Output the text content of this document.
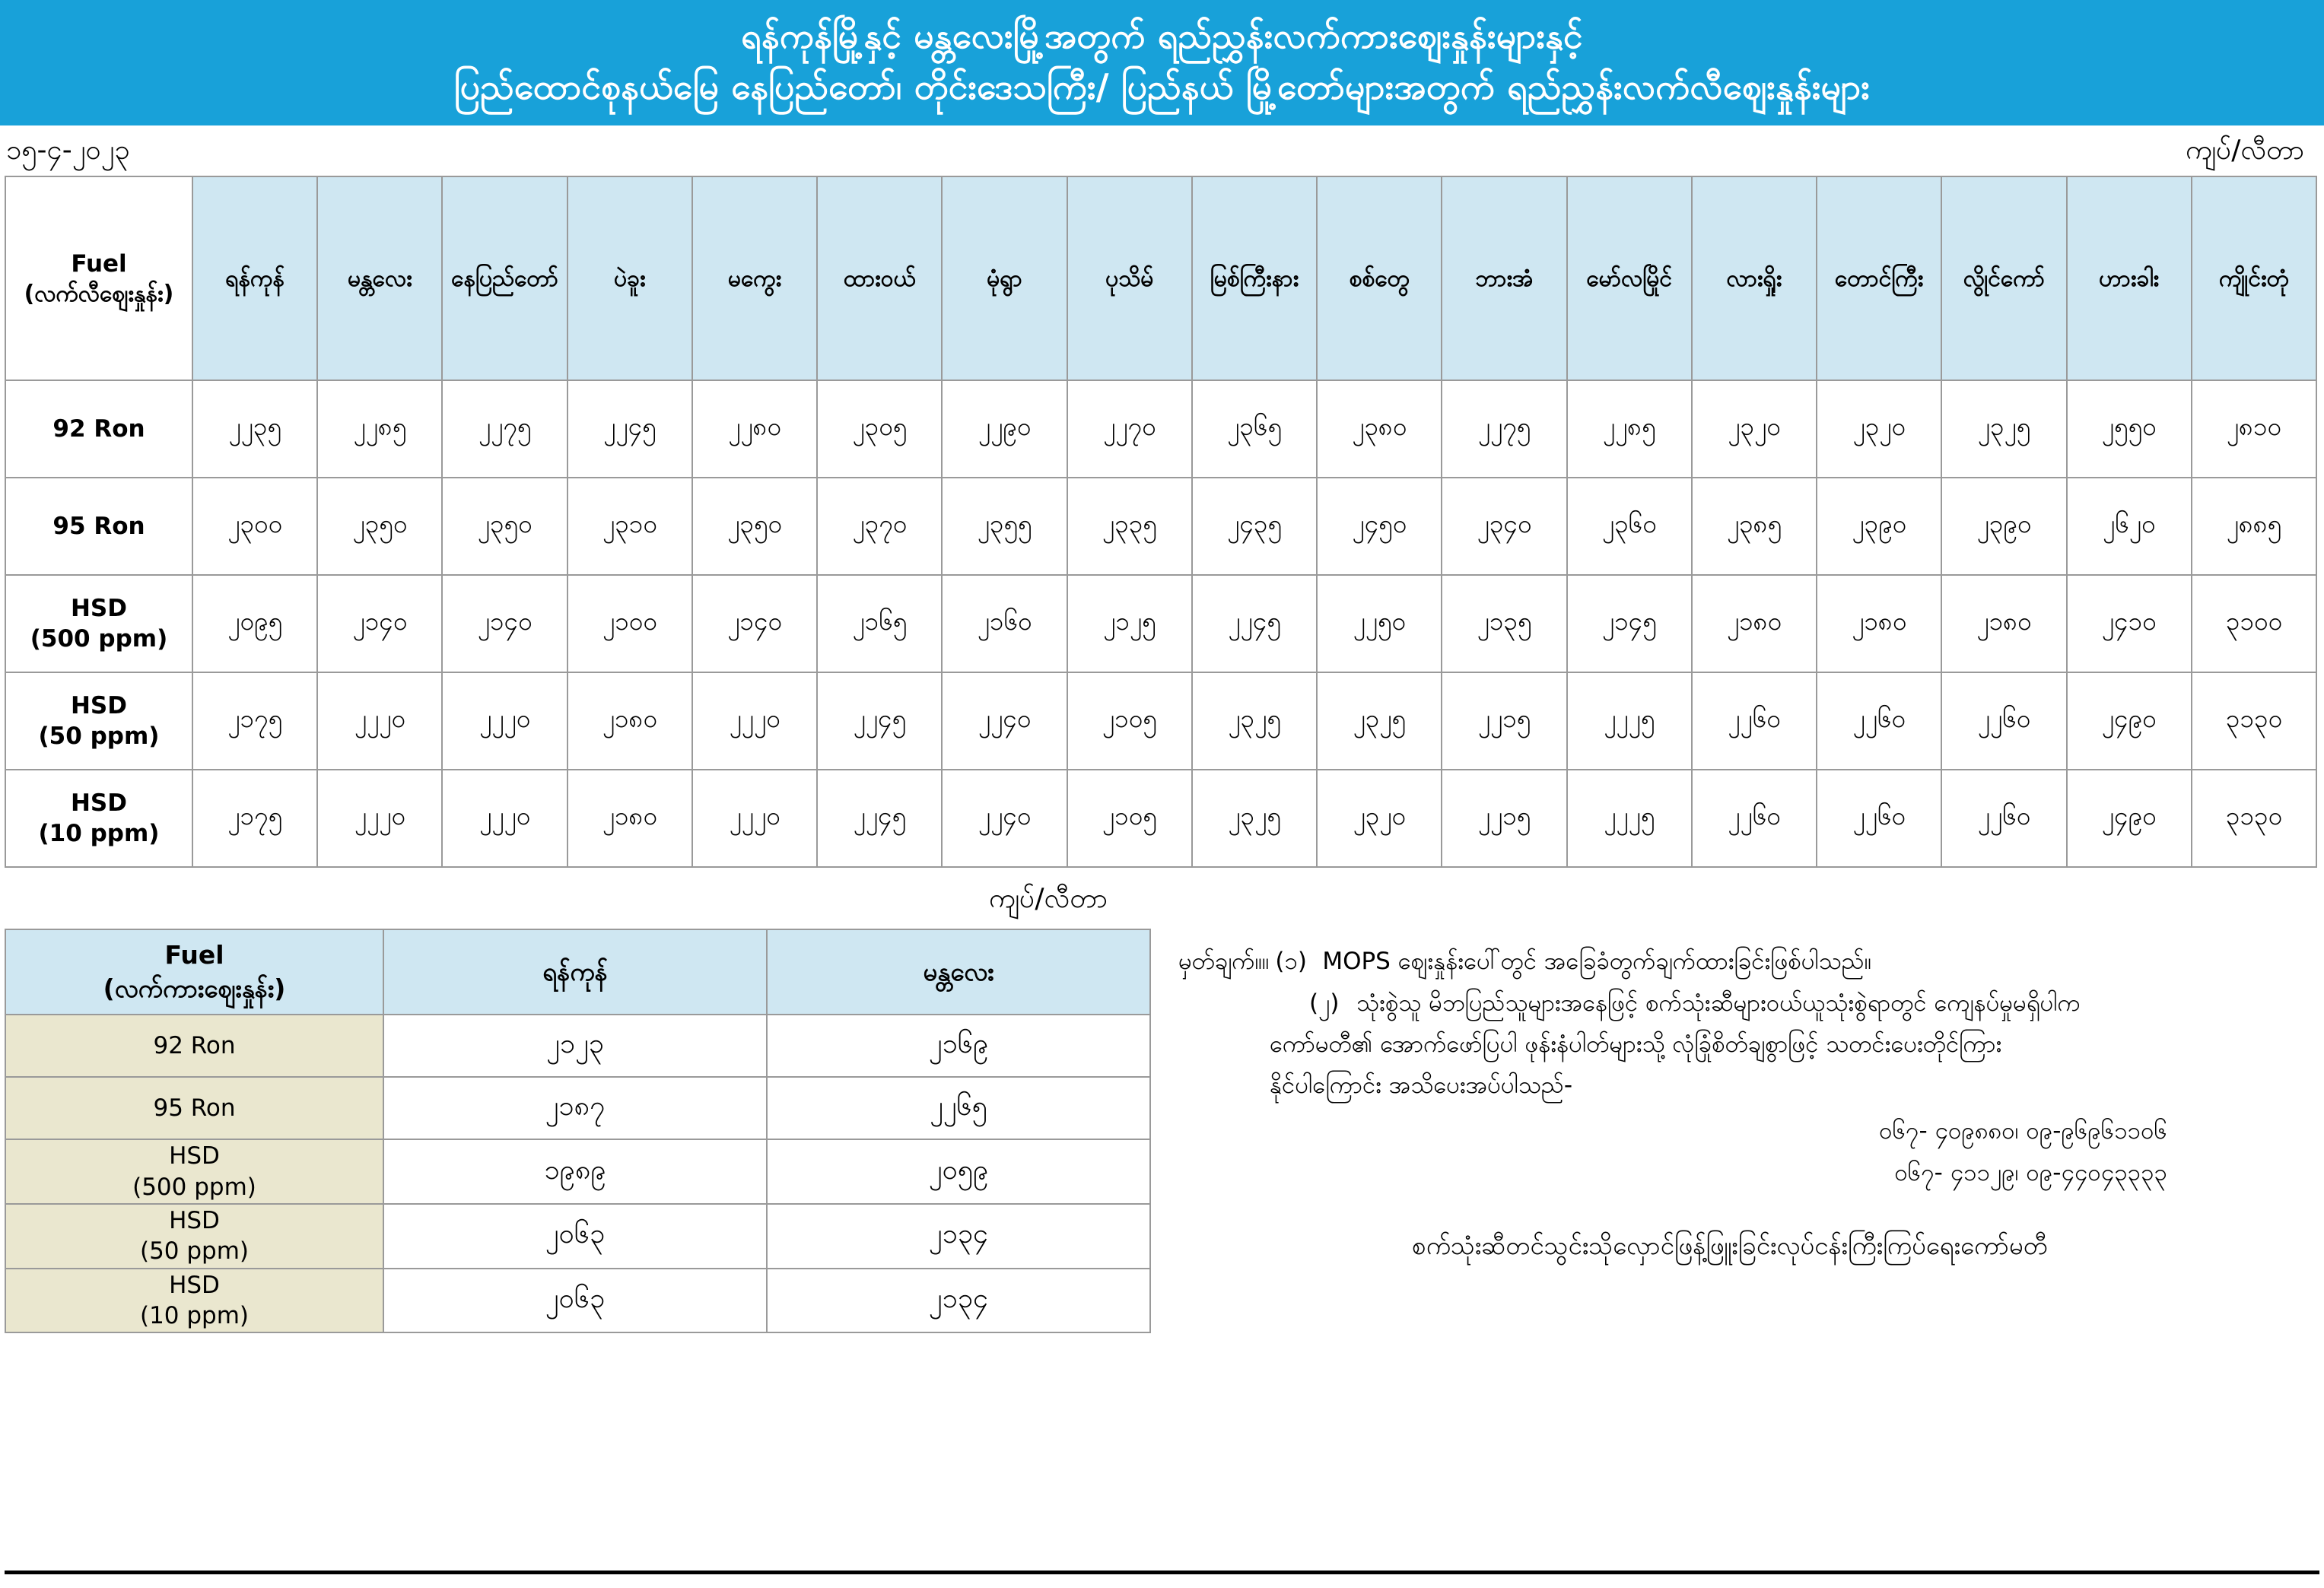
ရန်ကုန်မြို့နှင့် မန္တလေးမြို့အတွက် ရည်ညွှန်းလက်ကားဈေးနှုန်းများနှင့်
ပြည်ထောင်စုနယ်မြေ နေပြည်တော်၊ တိုင်းဒေသကြီး/ ပြည်နယ် မြို့တော်များအတွက် ရည်ညွှန်းလက်လီဈေးနှုန်းများ
၁၅-၄-၂၀၂၃	ကျပ်/လီတာ
Fuel
(လက်လီဈေးနှုန်း)	ရန်ကုန်	မန္တလေး	နေပြည်တော်	ပဲခူး	မကွေး	ထားဝယ်	မုံရွာ	ပုသိမ်	မြစ်ကြီးနား	စစ်တွေ	ဘားအံ	မော်လမြိုင်	လားရှိုး	တောင်ကြီး	လွိုင်ကော်	ဟားခါး	ကျိုင်းတုံ

92 Ron	၂၂၃၅	၂၂၈၅	၂၂၇၅	၂၂၄၅	၂၂၈၀	၂၃၀၅	၂၂၉၀	၂၂၇၀	၂၃၆၅	၂၃၈၀	၂၂၇၅	၂၂၈၅	၂၃၂၀	၂၃၂၀	၂၃၂၅	၂၅၅၀	၂၈၁၀

95 Ron	၂၃၀၀	၂၃၅၀	၂၃၅၀	၂၃၁၀	၂၃၅၀	၂၃၇၀	၂၃၅၅	၂၃၃၅	၂၄၃၅	၂၄၅၀	၂၃၄၀	၂၃၆၀	၂၃၈၅	၂၃၉၀	၂၃၉၀	၂၆၂၀	၂၈၈၅

HSD
(500 ppm)	၂၀၉၅	၂၁၄၀	၂၁၄၀	၂၁၀၀	၂၁၄၀	၂၁၆၅	၂၁၆၀	၂၁၂၅	၂၂၄၅	၂၂၅၀	၂၁၃၅	၂၁၄၅	၂၁၈၀	၂၁၈၀	၂၁၈၀	၂၄၁၀	၃၁၀၀

HSD
(50 ppm)	၂၁၇၅	၂၂၂၀	၂၂၂၀	၂၁၈၀	၂၂၂၀	၂၂၄၅	၂၂၄၀	၂၁၀၅	၂၃၂၅	၂၃၂၅	၂၂၁၅	၂၂၂၅	၂၂၆၀	၂၂၆၀	၂၂၆၀	၂၄၉၀	၃၁၃၀

HSD
(10 ppm)	၂၁၇၅	၂၂၂၀	၂၂၂၀	၂၁၈၀	၂၂၂၀	၂၂၄၅	၂၂၄၀	၂၁၀၅	၂၃၂၅	၂၃၂၀	၂၂၁၅	၂၂၂၅	၂၂၆၀	၂၂၆၀	၂၂၆၀	၂၄၉၀	၃၁၃၀
ကျပ်/လီတာ
Fuel
(လက်ကားဈေးနှုန်း)	ရန်ကုန်	မန္တလေး

92 Ron	၂၁၂၃	၂၁၆၉

95 Ron	၂၁၈၇	၂၂၆၅

HSD
(500 ppm)	၁၉၈၉	၂၀၅၉

HSD
(50 ppm)	၂၀၆၃	၂၁၃၄

HSD
(10 ppm)	၂၀၆၃	၂၁၃၄
မှတ်ချက်။။ (၁) MOPS ဈေးနှုန်းပေါ်တွင် အခြေခံတွက်ချက်ထားခြင်းဖြစ်ပါသည်။
(၂) သုံးစွဲသူ မိဘပြည်သူများအနေဖြင့် စက်သုံးဆီများဝယ်ယူသုံးစွဲရာတွင် ကျေနပ်မှုမရှိပါက
ကော်မတီ၏ အောက်ဖော်ပြပါ ဖုန်းနံပါတ်များသို့ လုံခြုံစိတ်ချစွာဖြင့် သတင်းပေးတိုင်ကြား
နိုင်ပါကြောင်း အသိပေးအပ်ပါသည်-
၀၆၇- ၄၀၉၈၈၀၊ ၀၉-၉၆၉၆၁၁၀၆
၀၆၇- ၄၁၁၂၉၊ ၀၉-၄၄၀၄၃၃၃၃
စက်သုံးဆီတင်သွင်းသိုလှောင်ဖြန့်ဖြူးခြင်းလုပ်ငန်းကြီးကြပ်ရေးကော်မတီ
